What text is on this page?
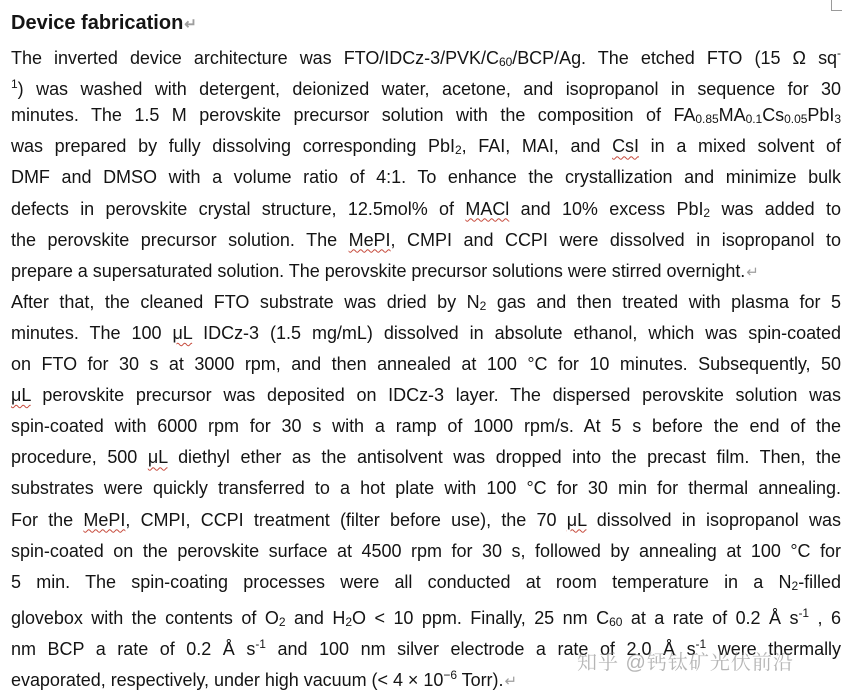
Device fabrication↵
The inverted device architecture was FTO/IDCz-3/PVK/C60/BCP/Ag. The etched FTO (15 Ω sq-
$^1$) was washed with detergent, deionized water, acetone, and isopropanol in sequence for 30
minutes. The 1.5 M perovskite precursor solution with the composition of FA0.85MA0.1Cs0.05PbI3
was prepared by fully dissolving corresponding PbI2, FAI, MAI, and CsI in a mixed solvent of
DMF and DMSO with a volume ratio of 4:1. To enhance the crystallization and minimize bulk
defects in perovskite crystal structure, 12.5mol% of MACl and 10% excess PbI2 was added to
the perovskite precursor solution. The MePI, CMPI and CCPI were dissolved in isopropanol to
prepare a supersaturated solution. The perovskite precursor solutions were stirred overnight.↵
After that, the cleaned FTO substrate was dried by N2 gas and then treated with plasma for 5
minutes. The 100 μL IDCz-3 (1.5 mg/mL) dissolved in absolute ethanol, which was spin-coated
on FTO for 30 s at 3000 rpm, and then annealed at 100 °C for 10 minutes. Subsequently, 50
μL perovskite precursor was deposited on IDCz-3 layer. The dispersed perovskite solution was
spin-coated with 6000 rpm for 30 s with a ramp of 1000 rpm/s. At 5 s before the end of the
procedure, 500 μL diethyl ether as the antisolvent was dropped into the precast film. Then, the
substrates were quickly transferred to a hot plate with 100 °C for 30 min for thermal annealing.
For the MePI, CMPI, CCPI treatment (filter before use), the 70 μL dissolved in isopropanol was
spin-coated on the perovskite surface at 4500 rpm for 30 s, followed by annealing at 100 °C for
5 min. The spin-coating processes were all conducted at room temperature in a N2-filled
glovebox with the contents of O2 and H2O < 10 ppm. Finally, 25 nm C60 at a rate of 0.2 Å $s^{-1}$ , 6
nm BCP a rate of 0.2 Å $s^{-1}$ and 100 nm silver electrode a rate of 2.0 Å $s^{-1}$ were thermally
evaporated, respectively, under high vacuum (< $4 \times 10^{-6}$ Torr).↵
知乎 @钙钛矿光伏前沿
